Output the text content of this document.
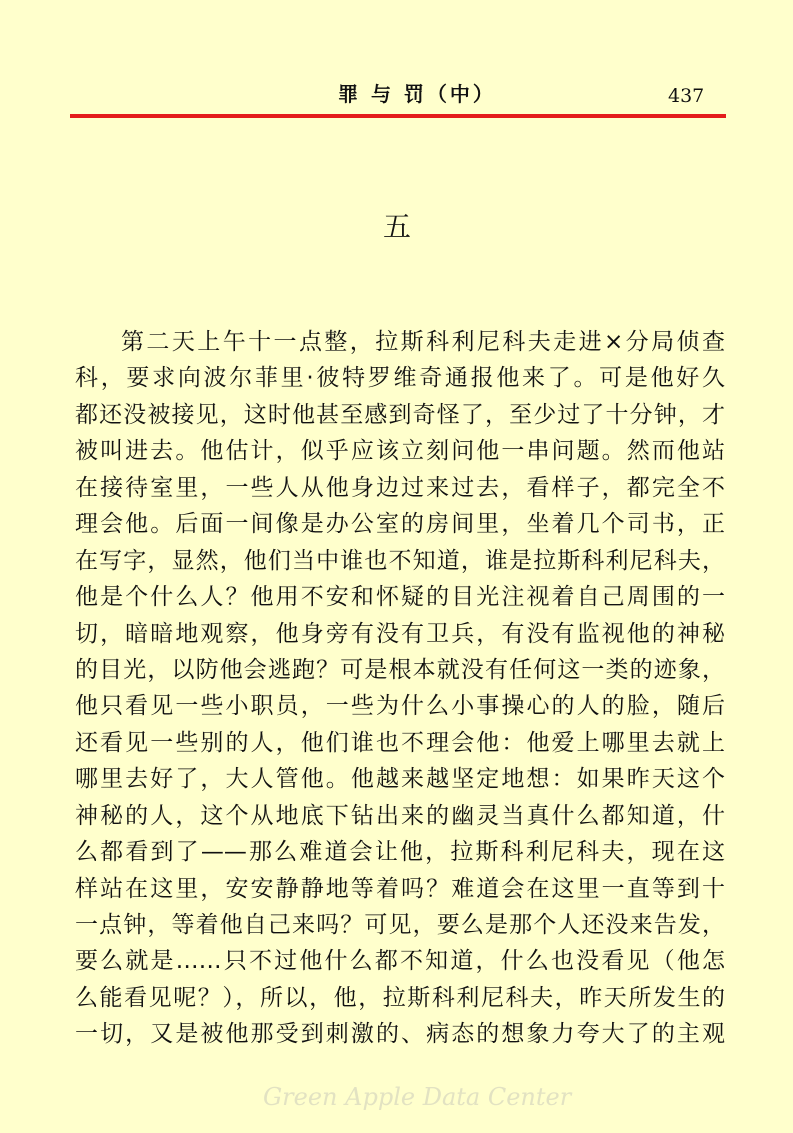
罪 与 罚（中）	437
五
第二天上午十一点整，拉斯科利尼科夫走进×分局侦查
科，要求向波尔菲里·彼特罗维奇通报他来了。可是他好久
都还没被接见，这时他甚至感到奇怪了，至少过了十分钟，才
被叫进去。他估计，似乎应该立刻问他一串问题。然而他站
在接待室里，一些人从他身边过来过去，看样子，都完全不
理会他。后面一间像是办公室的房间里，坐着几个司书，正
在写字，显然，他们当中谁也不知道，谁是拉斯科利尼科夫，
他是个什么人？他用不安和怀疑的目光注视着自己周围的一
切，暗暗地观察，他身旁有没有卫兵，有没有监视他的神秘
的目光，以防他会逃跑？可是根本就没有任何这一类的迹象，
他只看见一些小职员，一些为什么小事操心的人的脸，随后
还看见一些别的人，他们谁也不理会他：他爱上哪里去就上
哪里去好了，大人管他。他越来越坚定地想：如果昨天这个
神秘的人，这个从地底下钻出来的幽灵当真什么都知道，什
么都看到了——那么难道会让他，拉斯科利尼科夫，现在这
样站在这里，安安静静地等着吗？难道会在这里一直等到十
一点钟，等着他自己来吗？可见，要么是那个人还没来告发，
要么就是……只不过他什么都不知道，什么也没看见（他怎
么能看见呢？），所以，他，拉斯科利尼科夫，昨天所发生的
一切，又是被他那受到刺激的、病态的想象力夸大了的主观
Green Apple Data Center
